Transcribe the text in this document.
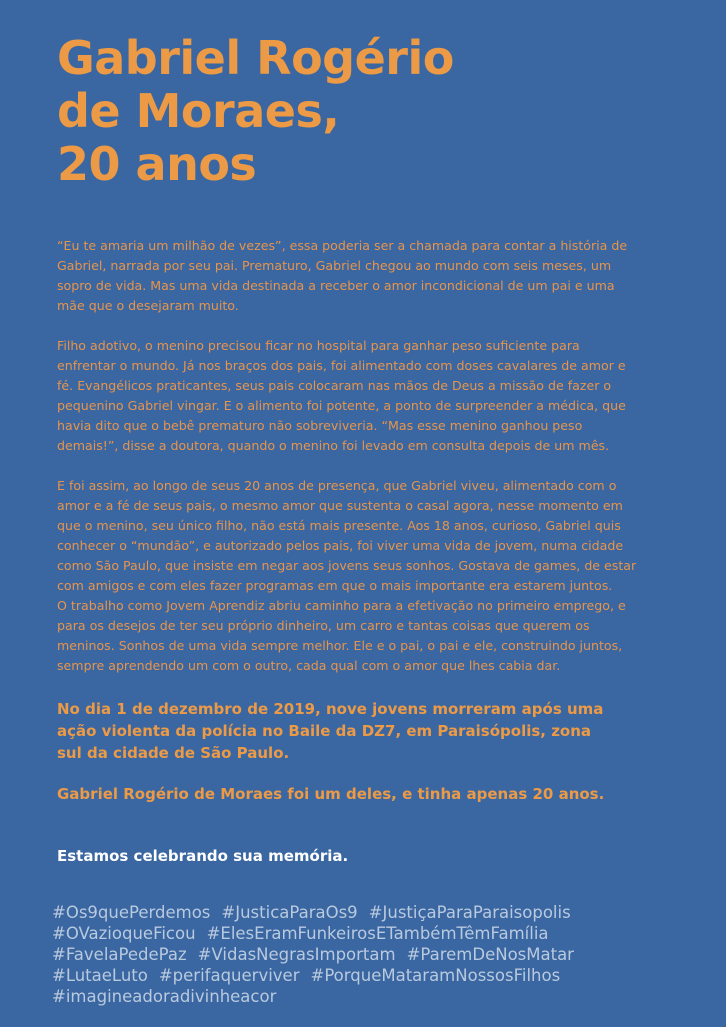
Gabriel Rogério
de Moraes,
20 anos

“Eu te amaria um milhão de vezes”, essa poderia ser a chamada para contar a história de
Gabriel, narrada por seu pai. Prematuro, Gabriel chegou ao mundo com seis meses, um
sopro de vida. Mas uma vida destinada a receber o amor incondicional de um pai e uma
mãe que o desejaram muito.

Filho adotivo, o menino precisou ficar no hospital para ganhar peso suficiente para
enfrentar o mundo. Já nos braços dos pais, foi alimentado com doses cavalares de amor e
fé. Evangélicos praticantes, seus pais colocaram nas mãos de Deus a missão de fazer o
pequenino Gabriel vingar. E o alimento foi potente, a ponto de surpreender a médica, que
havia dito que o bebê prematuro não sobreviveria. “Mas esse menino ganhou peso
demais!”, disse a doutora, quando o menino foi levado em consulta depois de um mês.

E foi assim, ao longo de seus 20 anos de presença, que Gabriel viveu, alimentado com o
amor e a fé de seus pais, o mesmo amor que sustenta o casal agora, nesse momento em
que o menino, seu único filho, não está mais presente. Aos 18 anos, curioso, Gabriel quis
conhecer o “mundão”, e autorizado pelos pais, foi viver uma vida de jovem, numa cidade
como São Paulo, que insiste em negar aos jovens seus sonhos. Gostava de games, de estar
com amigos e com eles fazer programas em que o mais importante era estarem juntos.
O trabalho como Jovem Aprendiz abriu caminho para a efetivação no primeiro emprego, e
para os desejos de ter seu próprio dinheiro, um carro e tantas coisas que querem os
meninos. Sonhos de uma vida sempre melhor. Ele e o pai, o pai e ele, construindo juntos,
sempre aprendendo um com o outro, cada qual com o amor que lhes cabia dar.

No dia 1 de dezembro de 2019, nove jovens morreram após uma
ação violenta da polícia no Baile da DZ7, em Paraisópolis, zona
sul da cidade de São Paulo.

Gabriel Rogério de Moraes foi um deles, e tinha apenas 20 anos.

Estamos celebrando sua memória.

#Os9quePerdemos #JusticaParaOs9 #JustiçaParaParaisopolis
#OVazioqueFicou #ElesEramFunkeirosETambémTêmFamília
#FavelaPedePaz #VidasNegrasImportam #ParemDeNosMatar
#LutaeLuto #perifaquerviver #PorqueMataramNossosFilhos
#imagineadoradivinheacor
